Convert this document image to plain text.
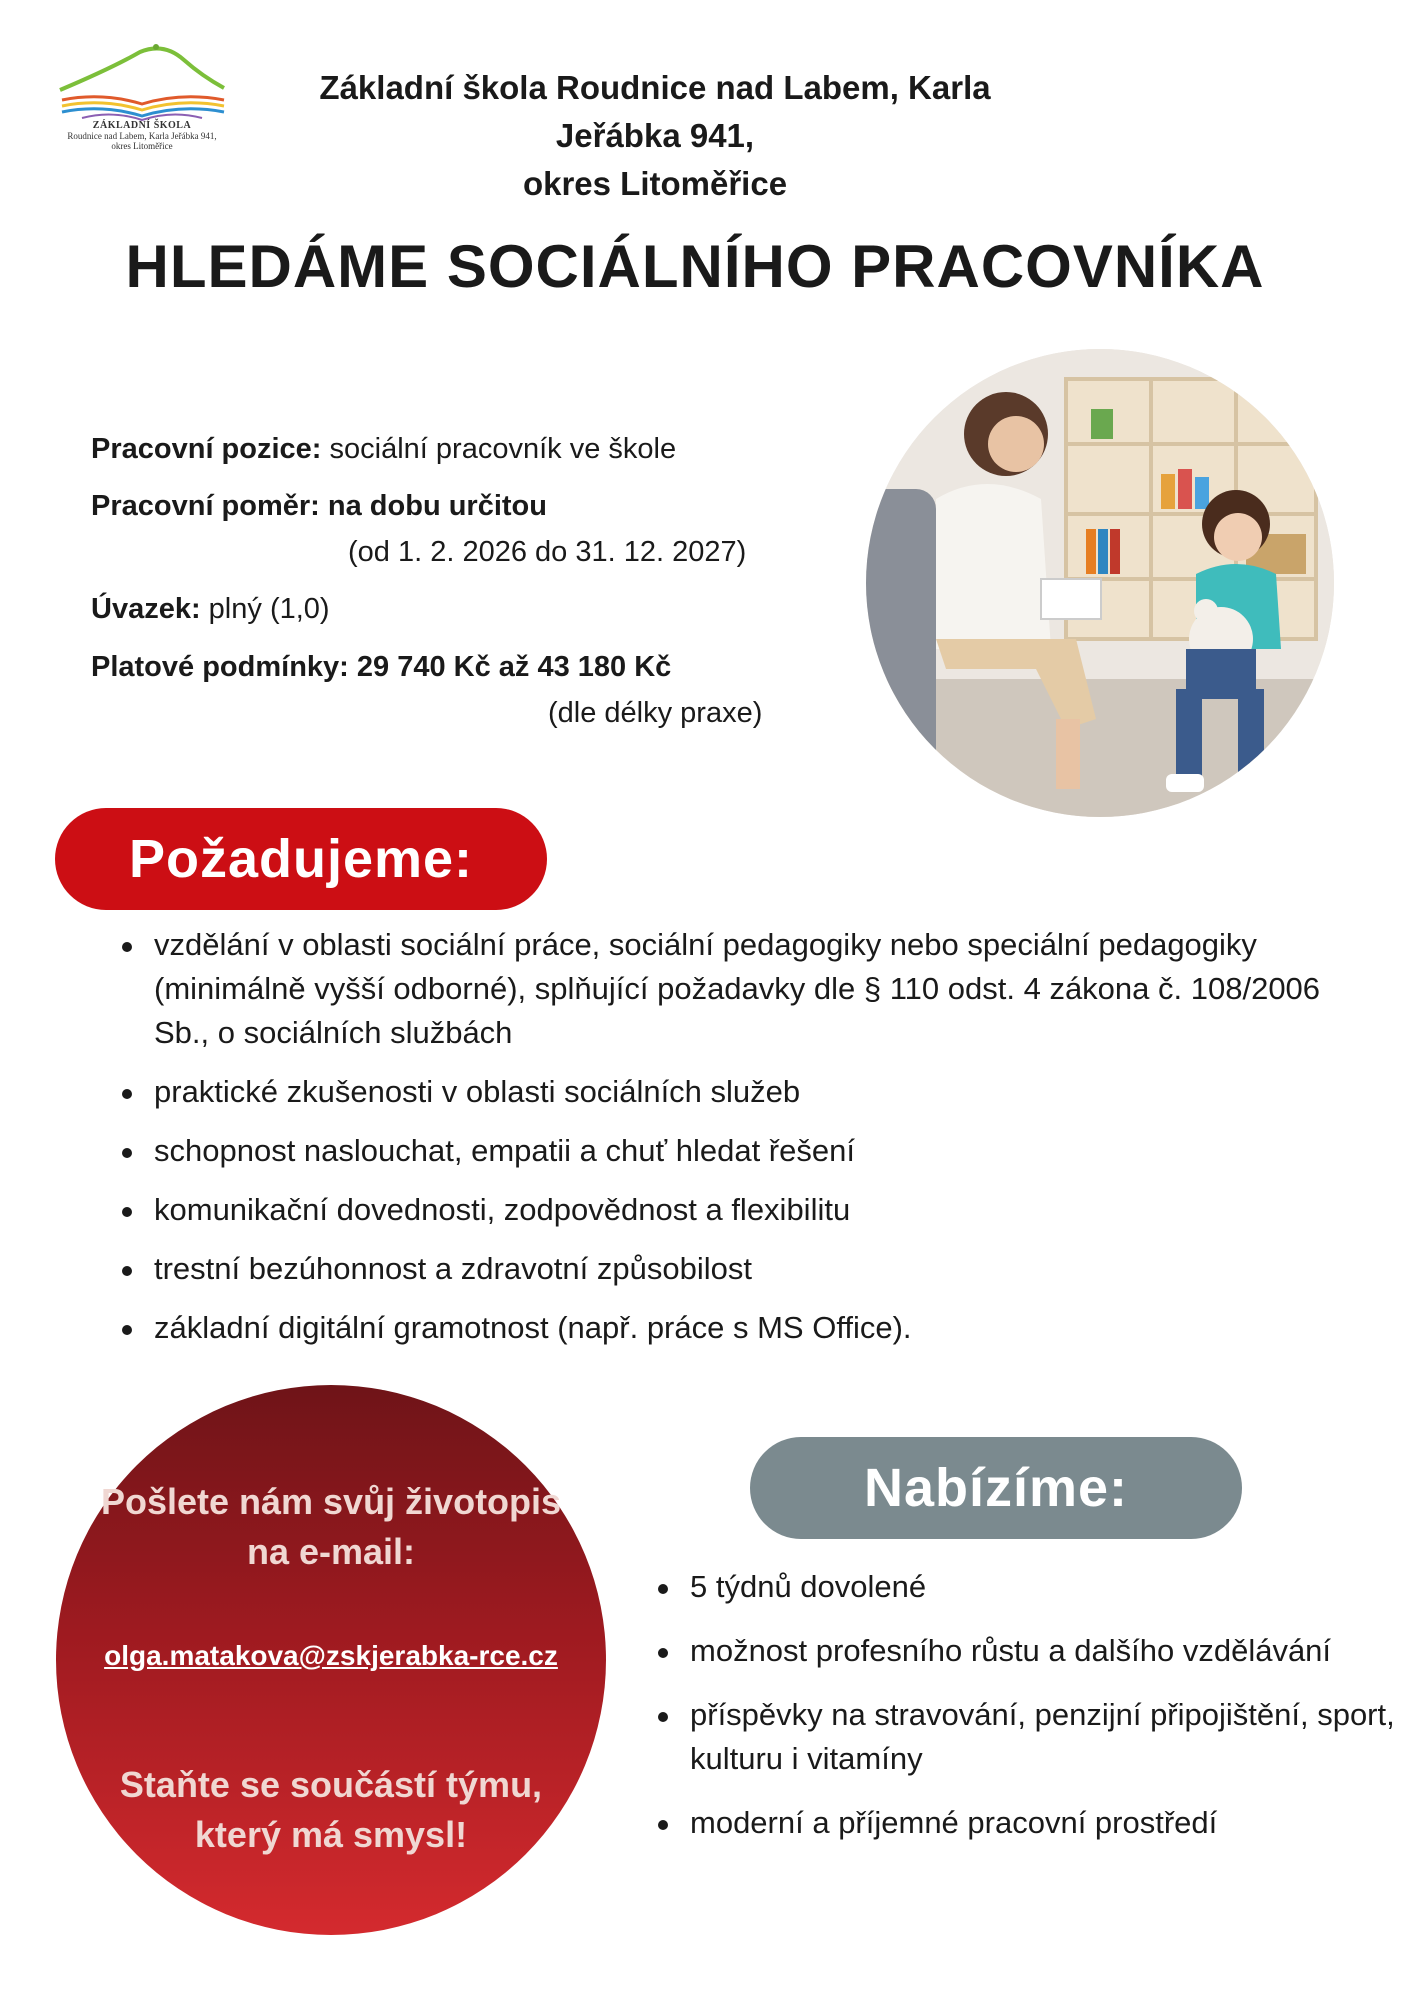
ZÁKLADNÍ ŠKOLA
Roudnice nad Labem, Karla Jeřábka 941,
okres Litoměřice
Základní škola Roudnice nad Labem, Karla Jeřábka 941,
okres Litoměřice
HLEDÁME SOCIÁLNÍHO PRACOVNÍKA
Pracovní pozice: sociální pracovník ve škole
Pracovní poměr: na dobu určitou
(od 1. 2. 2026 do 31. 12. 2027)
Úvazek: plný (1,0)
Platové podmínky: 29 740 Kč až 43 180 Kč
(dle délky praxe)
Požadujeme:
vzdělání v oblasti sociální práce, sociální pedagogiky nebo speciální pedagogiky (minimálně vyšší odborné), splňující požadavky dle § 110 odst. 4 zákona č. 108/2006 Sb., o sociálních službách
praktické zkušenosti v oblasti sociálních služeb
schopnost naslouchat, empatii a chuť hledat řešení
komunikační dovednosti, zodpovědnost a flexibilitu
trestní bezúhonnost a zdravotní způsobilost
základní digitální gramotnost (např. práce s MS Office).
Pošlete nám svůj životopis na e-mail:
olga.matakova@zskjerabka-rce.cz
Staňte se součástí týmu, který má smysl!
Nabízíme:
5 týdnů dovolené
možnost profesního růstu a dalšího vzdělávání
příspěvky na stravování, penzijní připojištění, sport, kulturu i vitamíny
moderní a příjemné pracovní prostředí
